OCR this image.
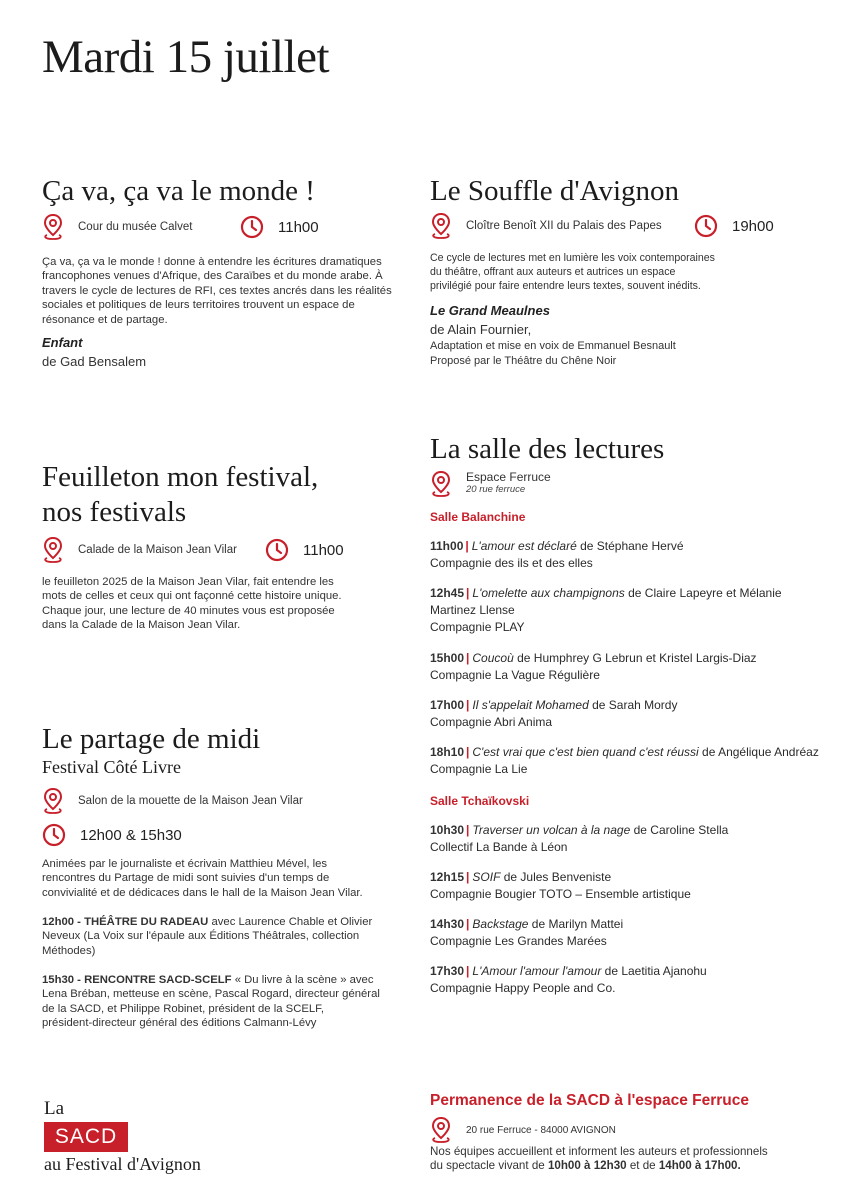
Mardi 15 juillet
Ça va, ça va le monde !
Cour du musée Calvet	11h00
Ça va, ça va le monde ! donne à entendre les écritures dramatiques
francophones venues d'Afrique, des Caraïbes et du monde arabe. À
travers le cycle de lectures de RFI, ces textes ancrés dans les réalités
sociales et politiques de leurs territoires trouvent un espace de
résonance et de partage.
Enfant
de Gad Bensalem
Feuilleton mon festival,
nos festivals
Calade de la Maison Jean Vilar	11h00
le feuilleton 2025 de la Maison Jean Vilar, fait entendre les
mots de celles et ceux qui ont façonné cette histoire unique.
Chaque jour, une lecture de 40 minutes vous est proposée
dans la Calade de la Maison Jean Vilar.
Le partage de midi
Festival Côté Livre
Salon de la mouette de la Maison Jean Vilar
12h00 & 15h30
Animées par le journaliste et écrivain Matthieu Mével, les
rencontres du Partage de midi sont suivies d'un temps de
convivialité et de dédicaces dans le hall de la Maison Jean Vilar.
12h00 - THÉÂTRE DU RADEAU avec Laurence Chable et Olivier
Neveux (La Voix sur l'épaule aux Éditions Théâtrales, collection
Méthodes)
15h30 - RENCONTRE SACD-SCELF « Du livre à la scène » avec
Lena Bréban, metteuse en scène, Pascal Rogard, directeur général
de la SACD, et Philippe Robinet, président de la SCELF,
président-directeur général des éditions Calmann-Lévy
La
SACD
au Festival d'Avignon
Le Souffle d'Avignon
Cloître Benoît XII du Palais des Papes	19h00
Ce cycle de lectures met en lumière les voix contemporaines
du théâtre, offrant aux auteurs et autrices un espace
privilégié pour faire entendre leurs textes, souvent inédits.
Le Grand Meaulnes
de Alain Fournier,
Adaptation et mise en voix de Emmanuel Besnault
Proposé par le Théâtre du Chêne Noir
La salle des lectures
Espace Ferruce
20 rue ferruce
Salle Balanchine
11h00 | L'amour est déclaré de Stéphane Hervé
Compagnie des ils et des elles
12h45 | L'omelette aux champignons de Claire Lapeyre et Mélanie
Martinez Llense
Compagnie PLAY
15h00 | Coucoù de Humphrey G Lebrun et Kristel Largis-Diaz
Compagnie La Vague Régulière
17h00 | Il s'appelait Mohamed de Sarah Mordy
Compagnie Abri Anima
18h10 | C'est vrai que c'est bien quand c'est réussi de Angélique Andréaz
Compagnie La Lie
Salle Tchaïkovski
10h30 | Traverser un volcan à la nage de Caroline Stella
Collectif La Bande à Léon
12h15 | SOIF de Jules Benveniste
Compagnie Bougier TOTO – Ensemble artistique
14h30 | Backstage de Marilyn Mattei
Compagnie Les Grandes Marées
17h30 | L'Amour l'amour l'amour de Laetitia Ajanohu
Compagnie Happy People and Co.
Permanence de la SACD à l'espace Ferruce
20 rue Ferruce - 84000 AVIGNON
Nos équipes accueillent et informent les auteurs et professionnels
du spectacle vivant de 10h00 à 12h30 et de 14h00 à 17h00.
